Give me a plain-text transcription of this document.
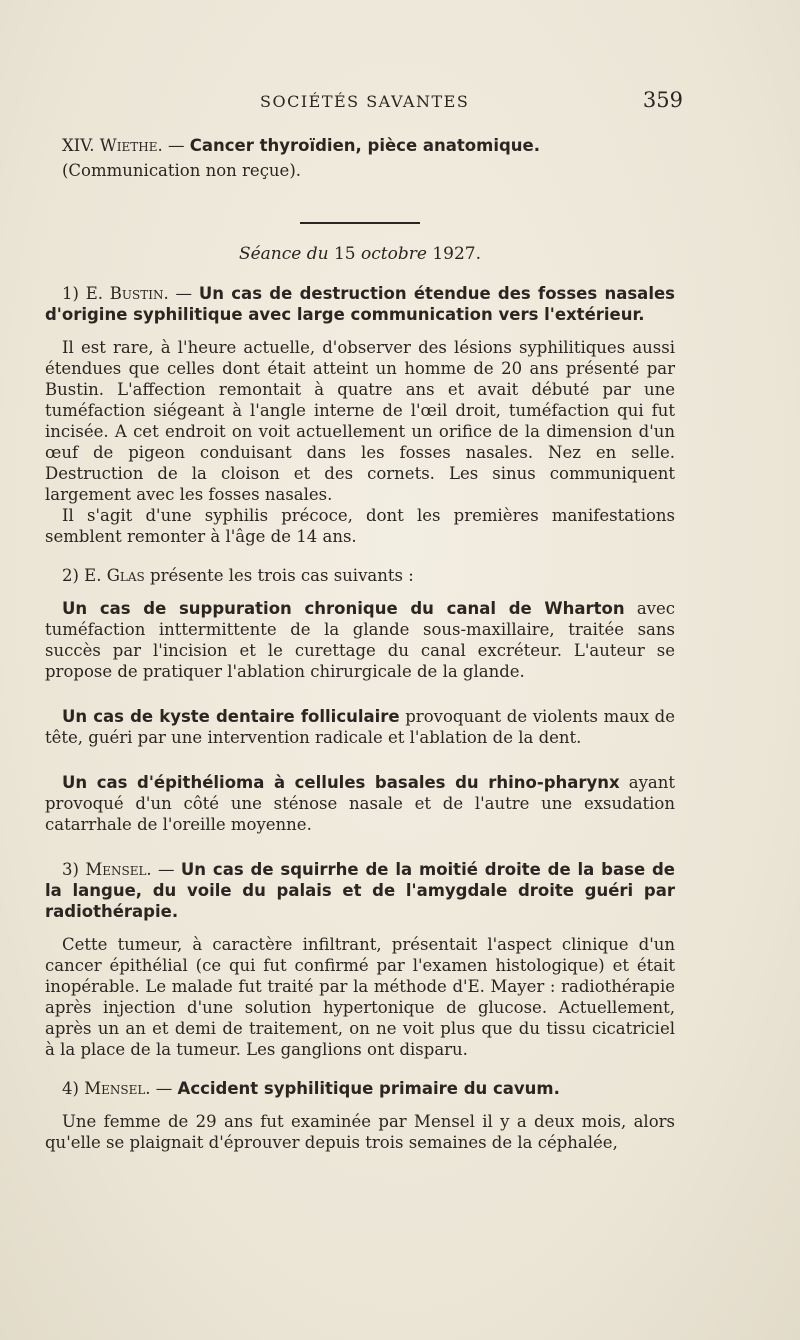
SOCIÉTÉS SAVANTES	359

XIV. Wiethe. — Cancer thyroïdien, pièce anatomique.

(Communication non reçue).

Séance du 15 octobre 1927.

1) E. Bustin. — Un cas de destruction étendue des fosses nasales d'origine syphilitique avec large communication vers l'extérieur.

Il est rare, à l'heure actuelle, d'observer des lésions syphilitiques aussi étendues que celles dont était atteint un homme de 20 ans présenté par Bustin. L'affection remontait à quatre ans et avait débuté par une tuméfaction siégeant à l'angle interne de l'œil droit, tuméfaction qui fut incisée. A cet endroit on voit actuellement un orifice de la dimension d'un œuf de pigeon conduisant dans les fosses nasales. Nez en selle. Destruction de la cloison et des cornets. Les sinus communiquent largement avec les fosses nasales.

Il s'agit d'une syphilis précoce, dont les premières manifestations semblent remonter à l'âge de 14 ans.

2) E. Glas présente les trois cas suivants :

Un cas de suppuration chronique du canal de Wharton avec tuméfaction inttermittente de la glande sous-maxillaire, traitée sans succès par l'incision et le curettage du canal excréteur. L'auteur se propose de pratiquer l'ablation chirurgicale de la glande.

Un cas de kyste dentaire folliculaire provoquant de violents maux de tête, guéri par une intervention radicale et l'ablation de la dent.

Un cas d'épithélioma à cellules basales du rhino-pharynx ayant provoqué d'un côté une sténose nasale et de l'autre une exsudation catarrhale de l'oreille moyenne.

3) Mensel. — Un cas de squirrhe de la moitié droite de la base de la langue, du voile du palais et de l'amygdale droite guéri par radiothérapie.

Cette tumeur, à caractère infiltrant, présentait l'aspect clinique d'un cancer épithélial (ce qui fut confirmé par l'examen histologique) et était inopérable. Le malade fut traité par la méthode d'E. Mayer : radiothérapie après injection d'une solution hypertonique de glucose. Actuellement, après un an et demi de traitement, on ne voit plus que du tissu cicatriciel à la place de la tumeur. Les ganglions ont disparu.

4) Mensel. — Accident syphilitique primaire du cavum.

Une femme de 29 ans fut examinée par Mensel il y a deux mois, alors qu'elle se plaignait d'éprouver depuis trois semaines de la céphalée,
